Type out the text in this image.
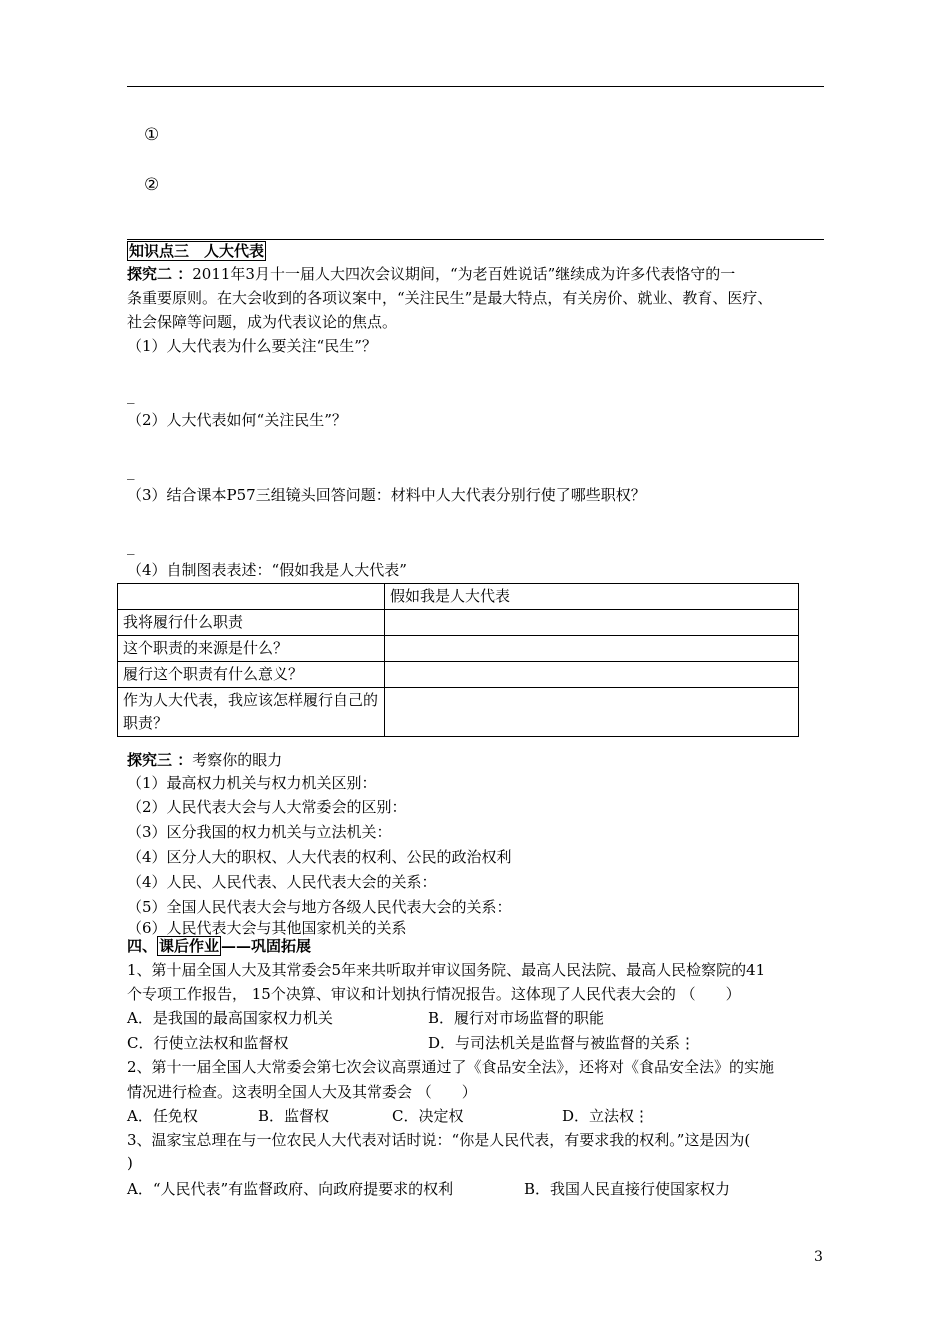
①
②
知识点三　人大代表
探究二 ：2011年3月十一届人大四次会议期间，“为老百姓说话”继续成为许多代表恪守的一
条重要原则。在大会收到的各项议案中，“关注民生”是最大特点，有关房价、就业、教育、医疗、
社会保障等问题，成为代表议论的焦点。
（1）人大代表为什么要关注“民生”？
_
（2）人大代表如何“关注民生”？
_
（3）结合课本P57三组镜头回答问题：材料中人大代表分别行使了哪些职权？
_
（4）自制图表表述：“假如我是人大代表”
	假如我是人大代表
我将履行什么职责	
这个职责的来源是什么？	
履行这个职责有什么意义？	
作为人大代表，我应该怎样履行自己的职责？	
探究三 ：考察你的眼力
（1）最高权力机关与权力机关区别：
（2）人民代表大会与人大常委会的区别：
（3）区分我国的权力机关与立法机关：
（4）区分人大的职权、人大代表的权利、公民的政治权利
（4）人民、人民代表、人民代表大会的关系：
（5）全国人民代表大会与地方各级人民代表大会的关系：
（6）人民代表大会与其他国家机关的关系
四、 课后作业 ——巩固拓展
1、第十届全国人大及其常委会5年来共听取并审议国务院、最高人民法院、最高人民检察院的41
个专项工作报告， 15个决算、审议和计划执行情况报告。这体现了人民代表大会的 （　　）
A．是我国的最高国家权力机关	B．履行对市场监督的职能
C．行使立法权和监督权	D．与司法机关是监督与被监督的关系⋮
2、第十一届全国人大常委会第七次会议高票通过了《食品安全法》，还将对《食品安全法》的实施
情况进行检查。这表明全国人大及其常委会 （　　）
A．任免权	B．监督权	C．决定权	D．立法权⋮
3、温家宝总理在与一位农民人大代表对话时说：“你是人民代表，有要求我的权利。”这是因为(
)
A．“人民代表”有监督政府、向政府提要求的权利	B．我国人民直接行使国家权力
3
